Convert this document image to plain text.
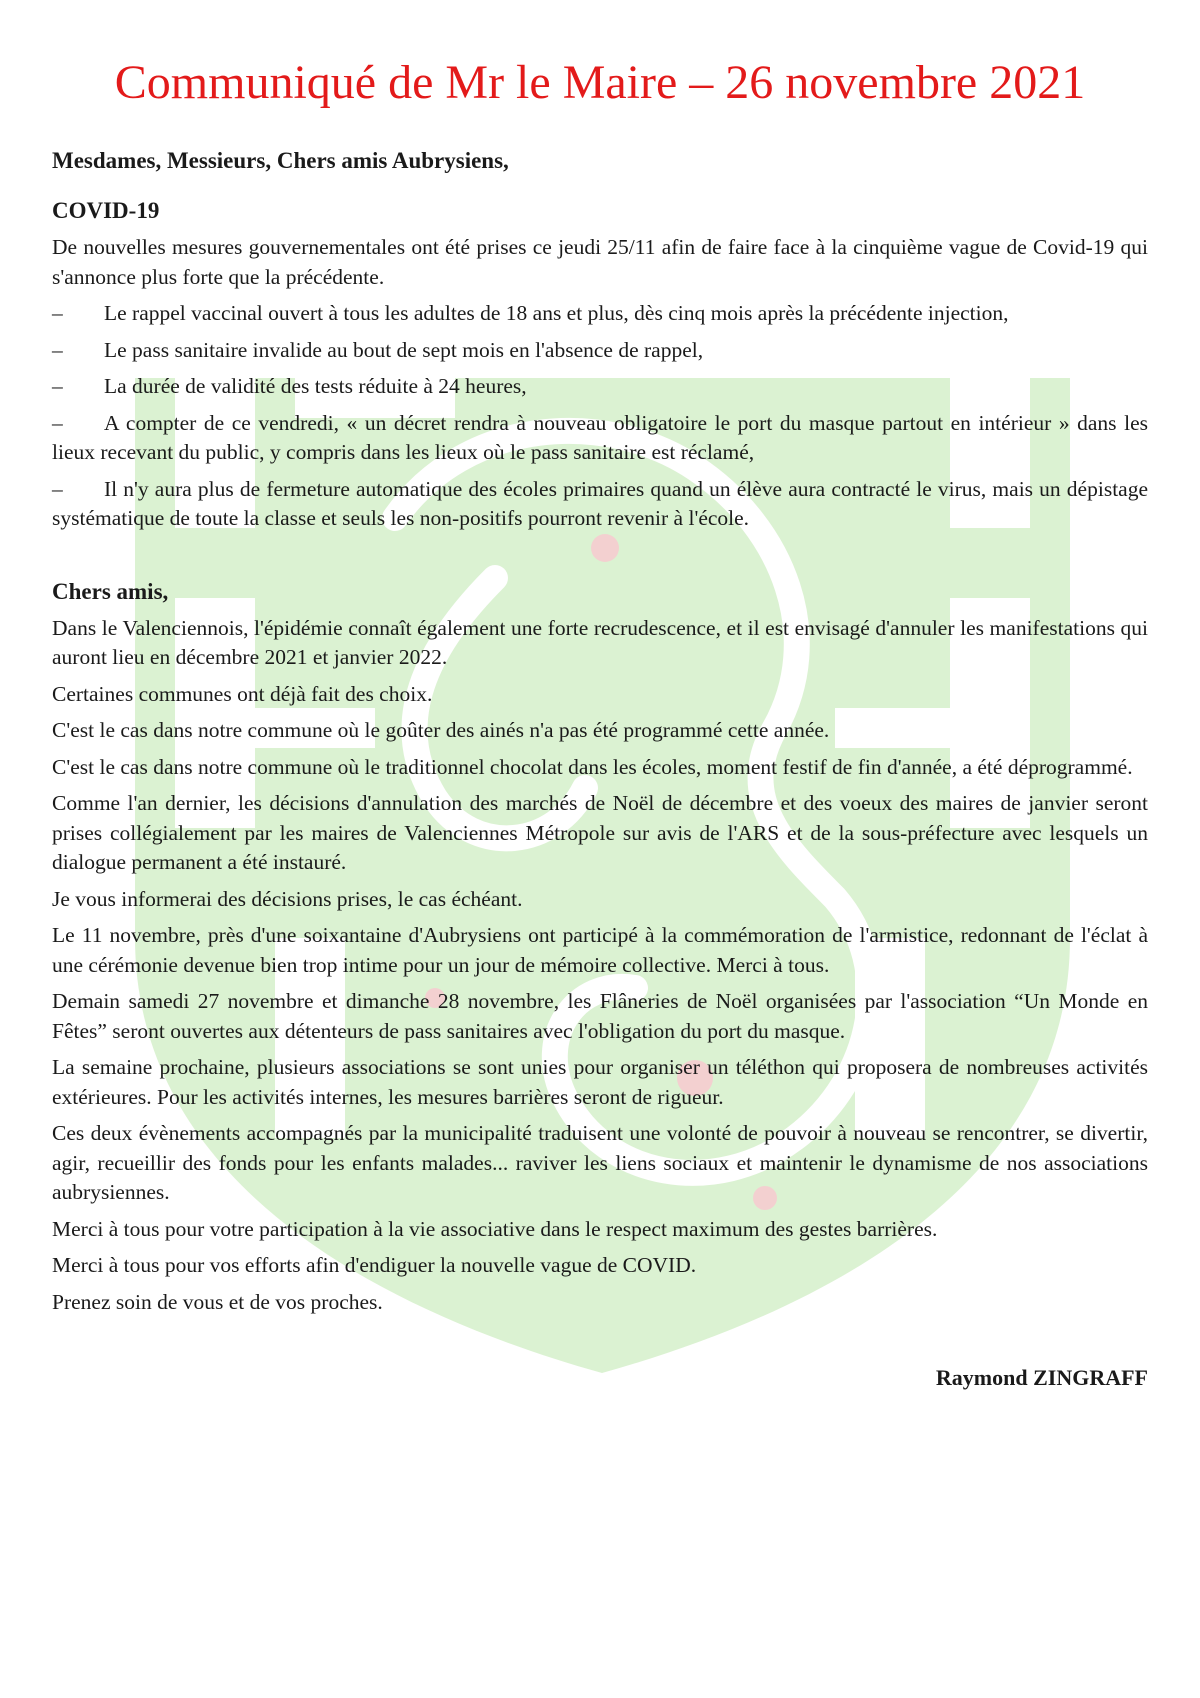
Communiqué de Mr le Maire – 26 novembre 2021

Mesdames, Messieurs, Chers amis Aubrysiens,

COVID-19

De nouvelles mesures gouvernementales ont été prises ce jeudi 25/11 afin de faire face à la cinquième vague de Covid-19 qui s'annonce plus forte que la précédente.

– Le rappel vaccinal ouvert à tous les adultes de 18 ans et plus, dès cinq mois après la précédente injection,

– Le pass sanitaire invalide au bout de sept mois en l'absence de rappel,

– La durée de validité des tests réduite à 24 heures,

– A compter de ce vendredi, « un décret rendra à nouveau obligatoire le port du masque partout en intérieur » dans les lieux recevant du public, y compris dans les lieux où le pass sanitaire est réclamé,

– Il n'y aura plus de fermeture automatique des écoles primaires quand un élève aura contracté le virus, mais un dépistage systématique de toute la classe et seuls les non-positifs pourront revenir à l'école.

Chers amis,

Dans le Valenciennois, l'épidémie connaît également une forte recrudescence, et il est envisagé d'annuler les manifestations qui auront lieu en décembre 2021 et janvier 2022.

Certaines communes ont déjà fait des choix.

C'est le cas dans notre commune où le goûter des ainés n'a pas été programmé cette année.

C'est le cas dans notre commune où le traditionnel chocolat dans les écoles, moment festif de fin d'année, a été déprogrammé.

Comme l'an dernier, les décisions d'annulation des marchés de Noël de décembre et des voeux des maires de janvier seront prises collégialement par les maires de Valenciennes Métropole sur avis de l'ARS et de la sous-préfecture avec lesquels un dialogue permanent a été instauré.

Je vous informerai des décisions prises, le cas échéant.

Le 11 novembre, près d'une soixantaine d'Aubrysiens ont participé à la commémoration de l'armistice, redonnant de l'éclat à une cérémonie devenue bien trop intime pour un jour de mémoire collective. Merci à tous.

Demain samedi 27 novembre et dimanche 28 novembre, les Flâneries de Noël organisées par l'association “Un Monde en Fêtes” seront ouvertes aux détenteurs de pass sanitaires avec l'obligation du port du masque.

La semaine prochaine, plusieurs associations se sont unies pour organiser un téléthon qui proposera de nombreuses activités extérieures. Pour les activités internes, les mesures barrières seront de rigueur.

Ces deux évènements accompagnés par la municipalité traduisent une volonté de pouvoir à nouveau se rencontrer, se divertir, agir, recueillir des fonds pour les enfants malades... raviver les liens sociaux et maintenir le dynamisme de nos associations aubrysiennes.

Merci à tous pour votre participation à la vie associative dans le respect maximum des gestes barrières.

Merci à tous pour vos efforts afin d'endiguer la nouvelle vague de COVID.

Prenez soin de vous et de vos proches.

Raymond ZINGRAFF
